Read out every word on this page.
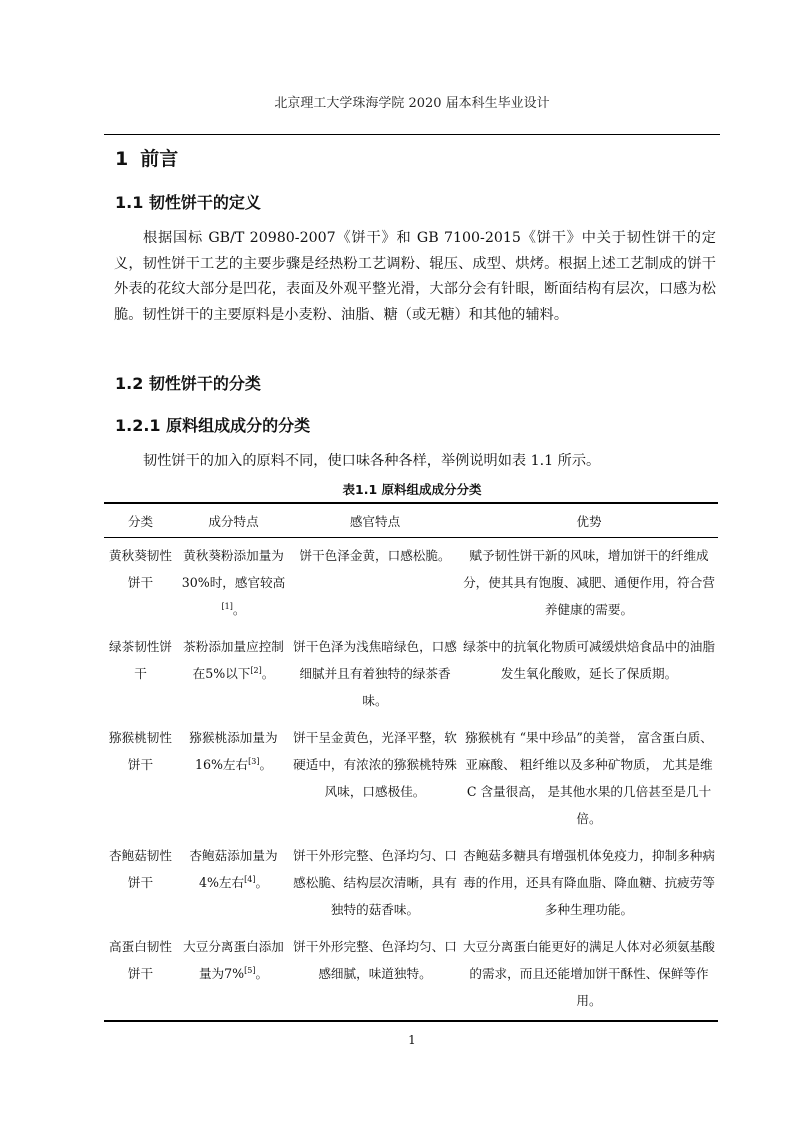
北京理工大学珠海学院 2020 届本科生毕业设计
1 前言
1.1 韧性饼干的定义

根据国标 GB/T 20980-2007《饼干》和 GB 7100-2015《饼干》中关于韧性饼干的定义，韧性饼干工艺的主要步骤是经热粉工艺调粉、辊压、成型、烘烤。根据上述工艺制成的饼干外表的花纹大部分是凹花，表面及外观平整光滑，大部分会有针眼，断面结构有层次，口感为松脆。韧性饼干的主要原料是小麦粉、油脂、糖（或无糖）和其他的辅料。

1.2 韧性饼干的分类
1.2.1 原料组成成分的分类

韧性饼干的加入的原料不同，使口味各种各样，举例说明如表 1.1 所示。

表1.1 原料组成成分分类
分类	成分特点	感官特点	优势
黄秋葵韧性饼干	黄秋葵粉添加量为30%时，感官较高[1]。	饼干色泽金黄，口感松脆。	赋予韧性饼干新的风味，增加饼干的纤维成分，使其具有饱腹、减肥、通便作用，符合营养健康的需要。
绿茶韧性饼干	茶粉添加量应控制在5%以下[2]。	饼干色泽为浅焦暗绿色，口感细腻并且有着独特的绿茶香味。	绿茶中的抗氧化物质可减缓烘焙食品中的油脂发生氧化酸败，延长了保质期。
猕猴桃韧性饼干	猕猴桃添加量为16%左右[3]。	饼干呈金黄色，光泽平整，软硬适中，有浓浓的猕猴桃特殊风味，口感极佳。	猕猴桃有 “果中珍品”的美誉， 富含蛋白质、 亚麻酸、 粗纤维以及多种矿物质， 尤其是维 C 含量很高， 是其他水果的几倍甚至是几十倍。
杏鲍菇韧性饼干	杏鲍菇添加量为4%左右[4]。	饼干外形完整、色泽均匀、口感松脆、结构层次清晰，具有独特的菇香味。	杏鲍菇多糖具有增强机体免疫力，抑制多种病毒的作用，还具有降血脂、降血糖、抗疲劳等多种生理功能。
高蛋白韧性饼干	大豆分离蛋白添加量为7%[5]。	饼干外形完整、色泽均匀、口感细腻，味道独特。	大豆分离蛋白能更好的满足人体对必须氨基酸的需求，而且还能增加饼干酥性、保鲜等作用。
1
